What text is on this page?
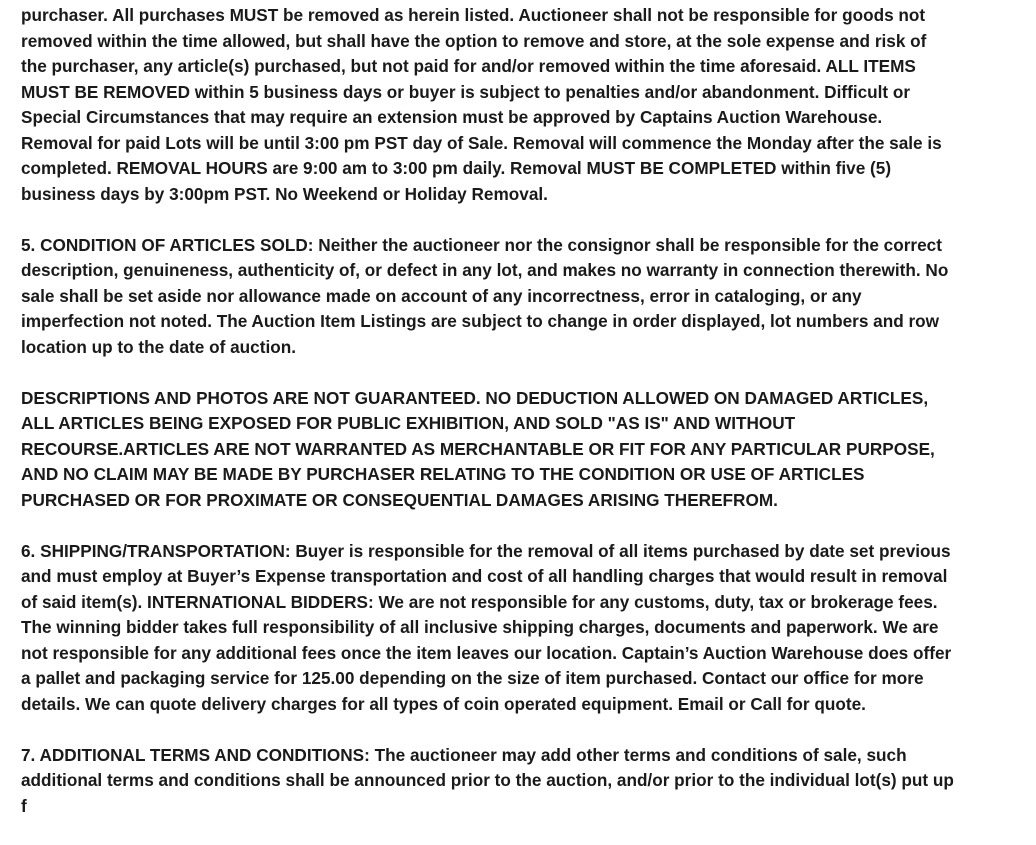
purchaser. All purchases MUST be removed as herein listed. Auctioneer shall not be responsible for goods not
removed within the time allowed, but shall have the option to remove and store, at the sole expense and risk of
the purchaser, any article(s) purchased, but not paid for and/or removed within the time aforesaid. ALL ITEMS
MUST BE REMOVED within 5 business days or buyer is subject to penalties and/or abandonment. Difficult or
Special Circumstances that may require an extension must be approved by Captains Auction Warehouse.
Removal for paid Lots will be until 3:00 pm PST day of Sale. Removal will commence the Monday after the sale is
completed. REMOVAL HOURS are 9:00 am to 3:00 pm daily. Removal MUST BE COMPLETED within five (5)
business days by 3:00pm PST. No Weekend or Holiday Removal.

5. CONDITION OF ARTICLES SOLD: Neither the auctioneer nor the consignor shall be responsible for the correct
description, genuineness, authenticity of, or defect in any lot, and makes no warranty in connection therewith. No
sale shall be set aside nor allowance made on account of any incorrectness, error in cataloging, or any
imperfection not noted. The Auction Item Listings are subject to change in order displayed, lot numbers and row
location up to the date of auction.

DESCRIPTIONS AND PHOTOS ARE NOT GUARANTEED. NO DEDUCTION ALLOWED ON DAMAGED ARTICLES,
ALL ARTICLES BEING EXPOSED FOR PUBLIC EXHIBITION, AND SOLD "AS IS" AND WITHOUT
RECOURSE.ARTICLES ARE NOT WARRANTED AS MERCHANTABLE OR FIT FOR ANY PARTICULAR PURPOSE,
AND NO CLAIM MAY BE MADE BY PURCHASER RELATING TO THE CONDITION OR USE OF ARTICLES
PURCHASED OR FOR PROXIMATE OR CONSEQUENTIAL DAMAGES ARISING THEREFROM.

6. SHIPPING/TRANSPORTATION: Buyer is responsible for the removal of all items purchased by date set previous
and must employ at Buyer’s Expense transportation and cost of all handling charges that would result in removal
of said item(s). INTERNATIONAL BIDDERS: We are not responsible for any customs, duty, tax or brokerage fees.
The winning bidder takes full responsibility of all inclusive shipping charges, documents and paperwork. We are
not responsible for any additional fees once the item leaves our location. Captain’s Auction Warehouse does offer
a pallet and packaging service for 125.00 depending on the size of item purchased. Contact our office for more
details. We can quote delivery charges for all types of coin operated equipment. Email or Call for quote.

7. ADDITIONAL TERMS AND CONDITIONS: The auctioneer may add other terms and conditions of sale, such
additional terms and conditions shall be announced prior to the auction, and/or prior to the individual lot(s) put up
f
